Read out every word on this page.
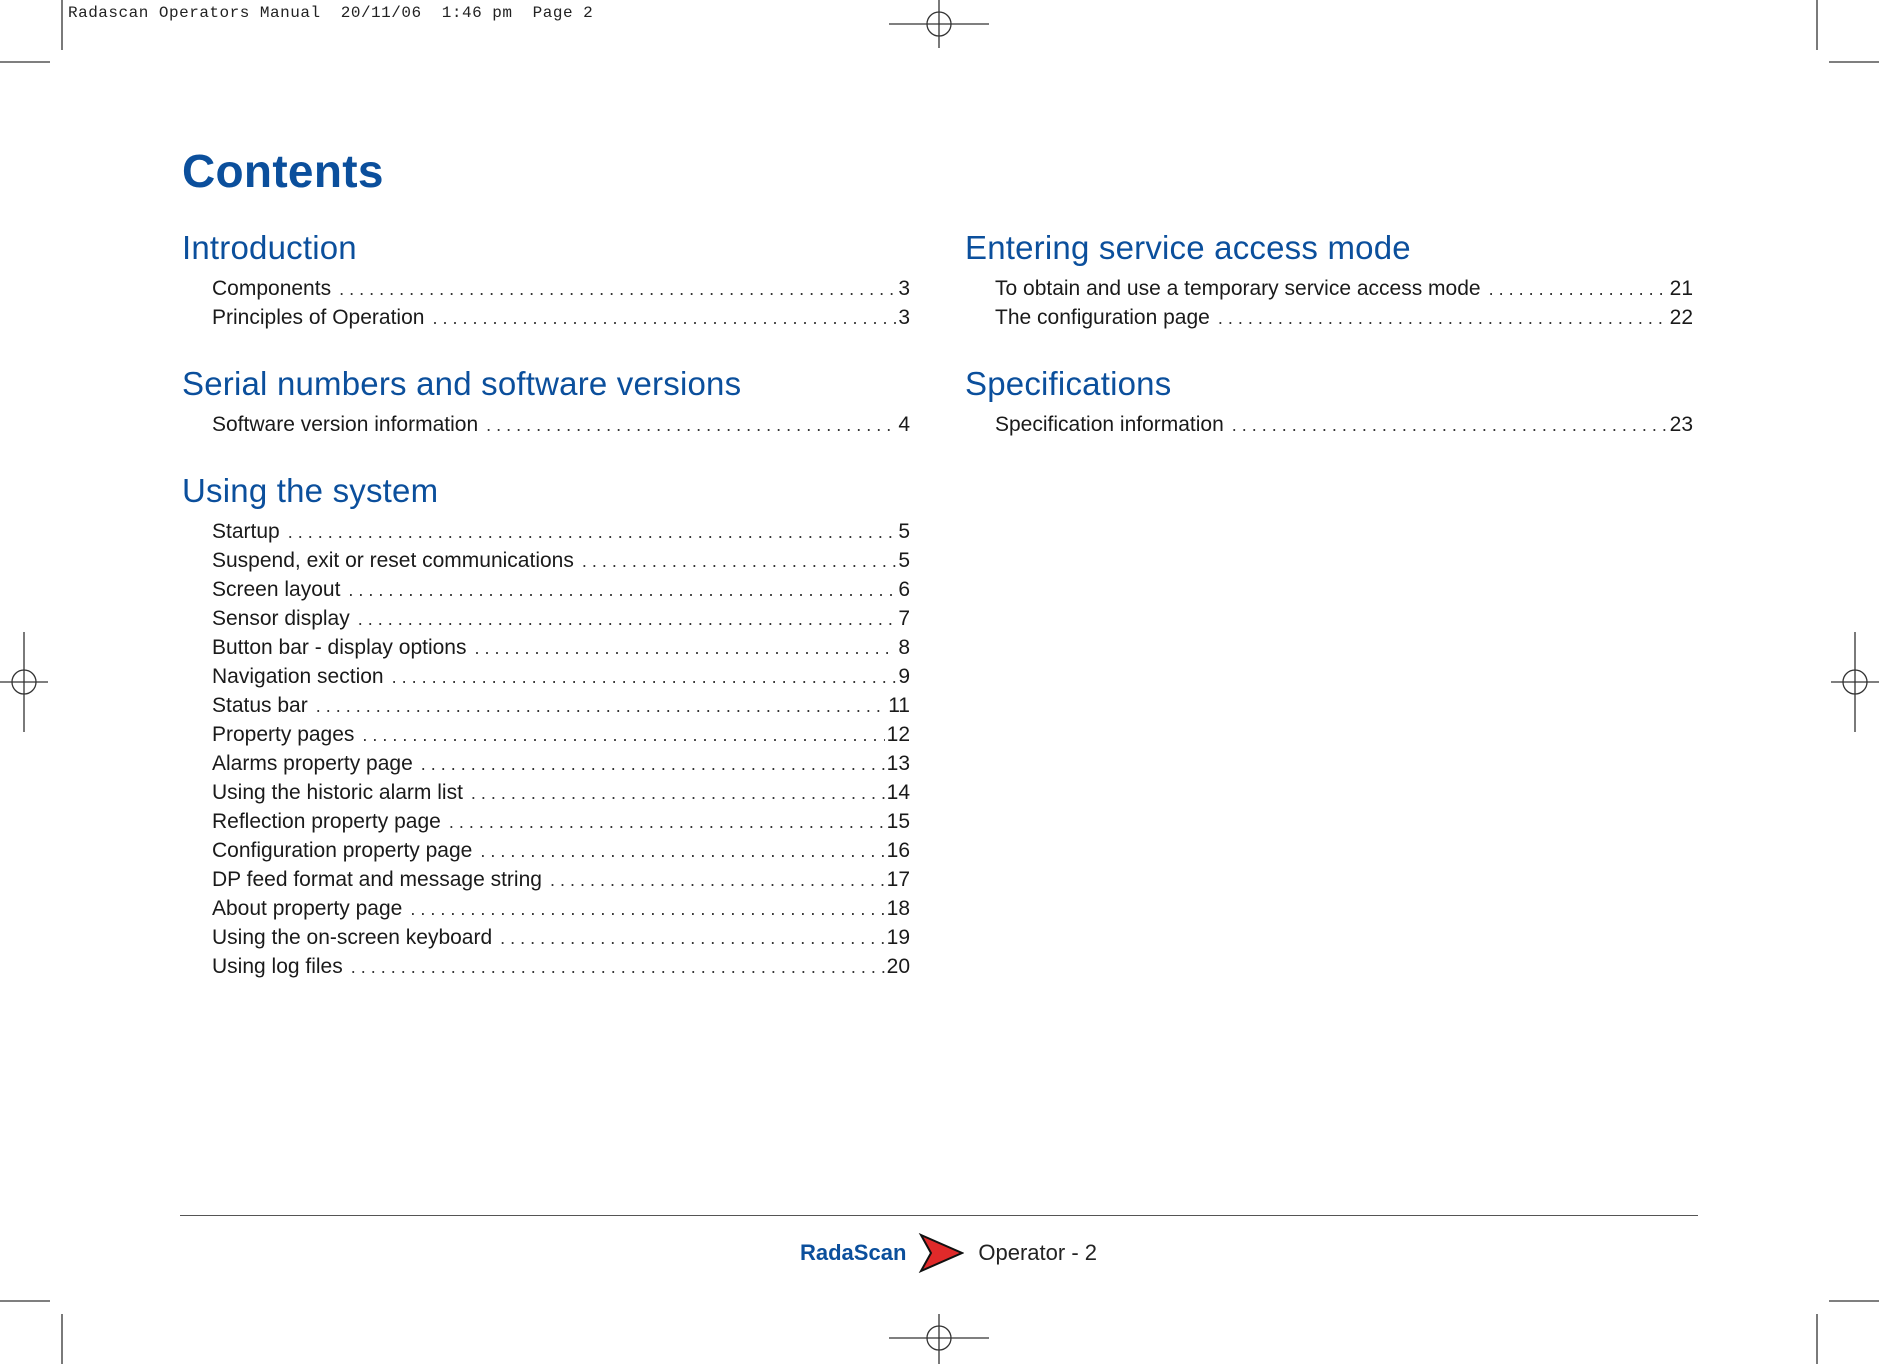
Radascan Operators Manual  20/11/06  1:46 pm  Page 2
Contents
Introduction
Components . . .	3
Principles of Operation . . .	3
Serial numbers and software versions
Software version information . . .	4
Using the system
Startup . . .	5
Suspend, exit or reset communications . . .	5
Screen layout . . .	6
Sensor display . . .	7
Button bar - display options . . .	8
Navigation section . . .	9
Status bar . . .	11
Property pages . . .	12
Alarms property page . . .	13
Using the historic alarm list . . .	14
Reflection property page . . .	15
Configuration property page . . .	16
DP feed format and message string . . .	17
About property page . . .	18
Using the on-screen keyboard . . .	19
Using log files . . .	20
Entering service access mode
To obtain and use a temporary service access mode . . .	21
The configuration page . . .	22
Specifications
Specification information . . .	23
RadaScan	Operator - 2
